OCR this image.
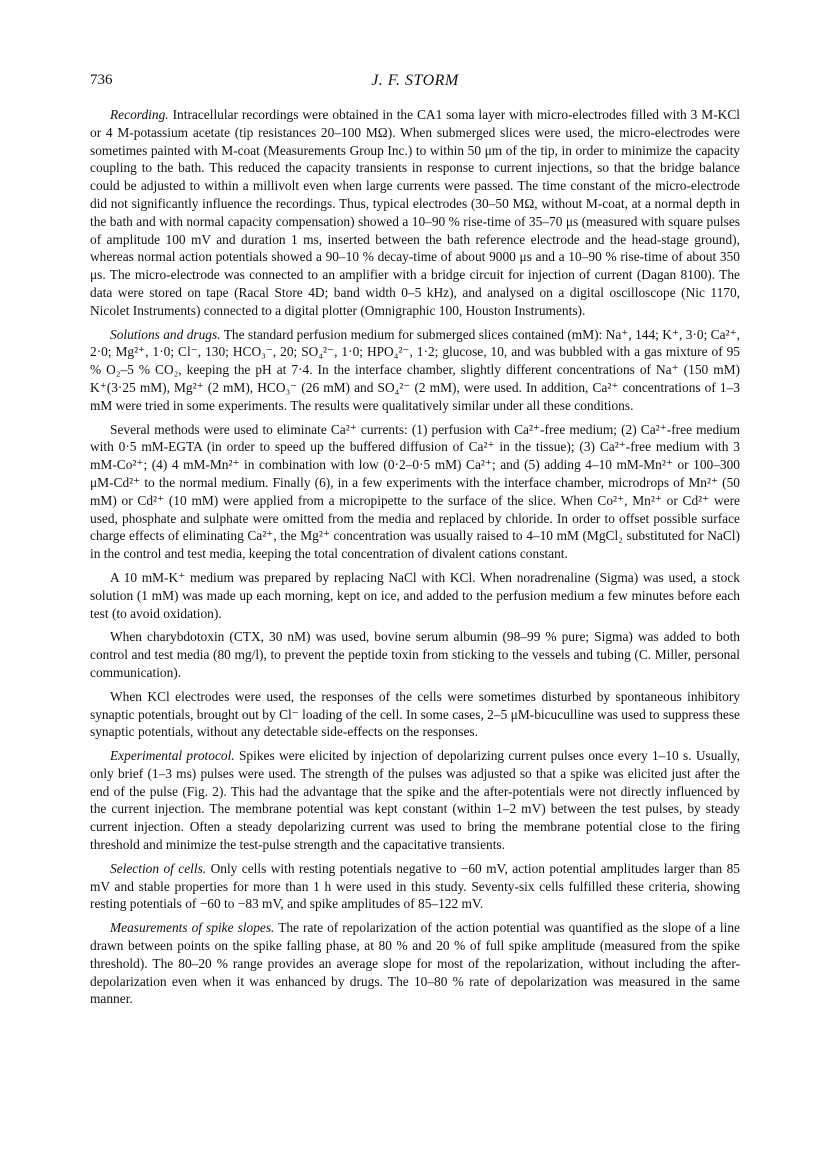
736	J. F. STORM

Recording. Intracellular recordings were obtained in the CA1 soma layer with micro-electrodes filled with 3 M-KCl or 4 M-potassium acetate (tip resistances 20–100 MΩ). When submerged slices were used, the micro-electrodes were sometimes painted with M-coat (Measurements Group Inc.) to within 50 μm of the tip, in order to minimize the capacity coupling to the bath. This reduced the capacity transients in response to current injections, so that the bridge balance could be adjusted to within a millivolt even when large currents were passed. The time constant of the micro-electrode did not significantly influence the recordings. Thus, typical electrodes (30–50 MΩ, without M-coat, at a normal depth in the bath and with normal capacity compensation) showed a 10–90 % rise-time of 35–70 μs (measured with square pulses of amplitude 100 mV and duration 1 ms, inserted between the bath reference electrode and the head-stage ground), whereas normal action potentials showed a 90–10 % decay-time of about 9000 μs and a 10–90 % rise-time of about 350 μs. The micro-electrode was connected to an amplifier with a bridge circuit for injection of current (Dagan 8100). The data were stored on tape (Racal Store 4D; band width 0–5 kHz), and analysed on a digital oscilloscope (Nic 1170, Nicolet Instruments) connected to a digital plotter (Omnigraphic 100, Houston Instruments).

Solutions and drugs. The standard perfusion medium for submerged slices contained (mM): Na⁺, 144; K⁺, 3·0; Ca²⁺, 2·0; Mg²⁺, 1·0; Cl⁻, 130; HCO₃⁻, 20; SO₄²⁻, 1·0; HPO₄²⁻, 1·2; glucose, 10, and was bubbled with a gas mixture of 95 % O₂–5 % CO₂, keeping the pH at 7·4. In the interface chamber, slightly different concentrations of Na⁺ (150 mM) K⁺(3·25 mM), Mg²⁺ (2 mM), HCO₃⁻ (26 mM) and SO₄²⁻ (2 mM), were used. In addition, Ca²⁺ concentrations of 1–3 mM were tried in some experiments. The results were qualitatively similar under all these conditions.

Several methods were used to eliminate Ca²⁺ currents: (1) perfusion with Ca²⁺-free medium; (2) Ca²⁺-free medium with 0·5 mM-EGTA (in order to speed up the buffered diffusion of Ca²⁺ in the tissue); (3) Ca²⁺-free medium with 3 mM-Co²⁺; (4) 4 mM-Mn²⁺ in combination with low (0·2–0·5 mM) Ca²⁺; and (5) adding 4–10 mM-Mn²⁺ or 100–300 μM-Cd²⁺ to the normal medium. Finally (6), in a few experiments with the interface chamber, microdrops of Mn²⁺ (50 mM) or Cd²⁺ (10 mM) were applied from a micropipette to the surface of the slice. When Co²⁺, Mn²⁺ or Cd²⁺ were used, phosphate and sulphate were omitted from the media and replaced by chloride. In order to offset possible surface charge effects of eliminating Ca²⁺, the Mg²⁺ concentration was usually raised to 4–10 mM (MgCl₂ substituted for NaCl) in the control and test media, keeping the total concentration of divalent cations constant.

A 10 mM-K⁺ medium was prepared by replacing NaCl with KCl. When noradrenaline (Sigma) was used, a stock solution (1 mM) was made up each morning, kept on ice, and added to the perfusion medium a few minutes before each test (to avoid oxidation).

When charybdotoxin (CTX, 30 nM) was used, bovine serum albumin (98–99 % pure; Sigma) was added to both control and test media (80 mg/l), to prevent the peptide toxin from sticking to the vessels and tubing (C. Miller, personal communication).

When KCl electrodes were used, the responses of the cells were sometimes disturbed by spontaneous inhibitory synaptic potentials, brought out by Cl⁻ loading of the cell. In some cases, 2–5 μM-bicuculline was used to suppress these synaptic potentials, without any detectable side-effects on the responses.

Experimental protocol. Spikes were elicited by injection of depolarizing current pulses once every 1–10 s. Usually, only brief (1–3 ms) pulses were used. The strength of the pulses was adjusted so that a spike was elicited just after the end of the pulse (Fig. 2). This had the advantage that the spike and the after-potentials were not directly influenced by the current injection. The membrane potential was kept constant (within 1–2 mV) between the test pulses, by steady current injection. Often a steady depolarizing current was used to bring the membrane potential close to the firing threshold and minimize the test-pulse strength and the capacitative transients.

Selection of cells. Only cells with resting potentials negative to −60 mV, action potential amplitudes larger than 85 mV and stable properties for more than 1 h were used in this study. Seventy-six cells fulfilled these criteria, showing resting potentials of −60 to −83 mV, and spike amplitudes of 85–122 mV.

Measurements of spike slopes. The rate of repolarization of the action potential was quantified as the slope of a line drawn between points on the spike falling phase, at 80 % and 20 % of full spike amplitude (measured from the spike threshold). The 80–20 % range provides an average slope for most of the repolarization, without including the after-depolarization even when it was enhanced by drugs. The 10–80 % rate of depolarization was measured in the same manner.
